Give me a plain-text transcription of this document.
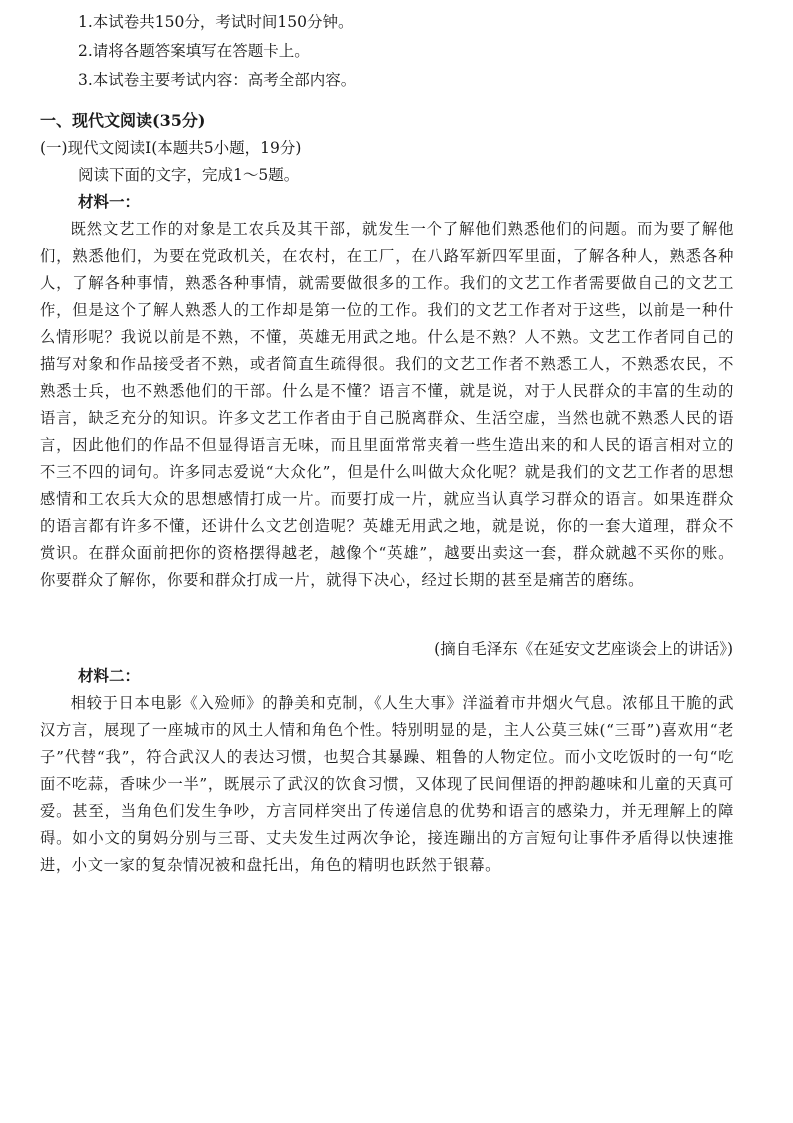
1.本试卷共150分，考试时间150分钟。
2.请将各题答案填写在答题卡上。
3.本试卷主要考试内容：高考全部内容。
一、现代文阅读(35分)
(一)现代文阅读Ⅰ(本题共5小题，19分)
阅读下面的文字，完成1～5题。
材料一：
既然文艺工作的对象是工农兵及其干部，就发生一个了解他们熟悉他们的问题。而为要了解他们，熟悉他们，为要在党政机关，在农村，在工厂，在八路军新四军里面，了解各种人，熟悉各种人，了解各种事情，熟悉各种事情，就需要做很多的工作。我们的文艺工作者需要做自己的文艺工作，但是这个了解人熟悉人的工作却是第一位的工作。我们的文艺工作者对于这些，以前是一种什么情形呢？我说以前是不熟，不懂，英雄无用武之地。什么是不熟？人不熟。文艺工作者同自己的描写对象和作品接受者不熟，或者简直生疏得很。我们的文艺工作者不熟悉工人，不熟悉农民，不熟悉士兵，也不熟悉他们的干部。什么是不懂？语言不懂，就是说，对于人民群众的丰富的生动的语言，缺乏充分的知识。许多文艺工作者由于自己脱离群众、生活空虚，当然也就不熟悉人民的语言，因此他们的作品不但显得语言无味，而且里面常常夹着一些生造出来的和人民的语言相对立的不三不四的词句。许多同志爱说“大众化”，但是什么叫做大众化呢？就是我们的文艺工作者的思想感情和工农兵大众的思想感情打成一片。而要打成一片，就应当认真学习群众的语言。如果连群众的语言都有许多不懂，还讲什么文艺创造呢？英雄无用武之地，就是说，你的一套大道理，群众不赏识。在群众面前把你的资格摆得越老，越像个“英雄”，越要出卖这一套，群众就越不买你的账。你要群众了解你，你要和群众打成一片，就得下决心，经过长期的甚至是痛苦的磨练。
(摘自毛泽东《在延安文艺座谈会上的讲话》)
材料二：
相较于日本电影《入殓师》的静美和克制，《人生大事》洋溢着市井烟火气息。浓郁且干脆的武汉方言，展现了一座城市的风土人情和角色个性。特别明显的是，主人公莫三妹(“三哥”)喜欢用“老子”代替“我”，符合武汉人的表达习惯，也契合其暴躁、粗鲁的人物定位。而小文吃饭时的一句“吃面不吃蒜，香味少一半”，既展示了武汉的饮食习惯，又体现了民间俚语的押韵趣味和儿童的天真可爱。甚至，当角色们发生争吵，方言同样突出了传递信息的优势和语言的感染力，并无理解上的障碍。如小文的舅妈分别与三哥、丈夫发生过两次争论，接连蹦出的方言短句让事件矛盾得以快速推进，小文一家的复杂情况被和盘托出，角色的精明也跃然于银幕。
